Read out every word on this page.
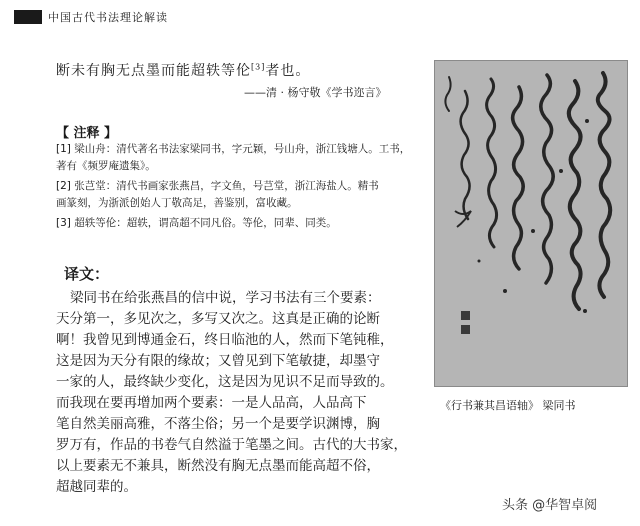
中国古代书法理论解读
断未有胸无点墨而能超轶等伦[3]者也。
——清 · 杨守敬《学书迩言》
【 注释 】
[1] 梁山舟：清代著名书法家梁同书，字元颖，号山舟，浙江钱塘人。工书，
著有《频罗庵遗集》。
[2] 张芑堂：清代书画家张燕昌，字文鱼，号芑堂，浙江海盐人。精书
画篆刻，为浙派创始人丁敬高足，善鉴别，富收藏。
[3] 超轶等伦：超轶，谓高超不同凡俗。等伦，同辈、同类。
译文：
梁同书在给张燕昌的信中说，学习书法有三个要素：
天分第一，多见次之，多写又次之。这真是正确的论断
啊！我曾见到博通金石，终日临池的人，然而下笔钝稚，
这是因为天分有限的缘故；又曾见到下笔敏捷，却墨守
一家的人，最终缺少变化，这是因为见识不足而导致的。
而我现在要再增加两个要素：一是人品高，人品高下
笔自然美丽高雅，不落尘俗；另一个是要学识渊博，胸
罗万有，作品的书卷气自然溢于笔墨之间。古代的大书家，
以上要素无不兼具，断然没有胸无点墨而能高超不俗，
超越同辈的。
《行书兼其昌语轴》 梁同书
头条 @华智卓阅
